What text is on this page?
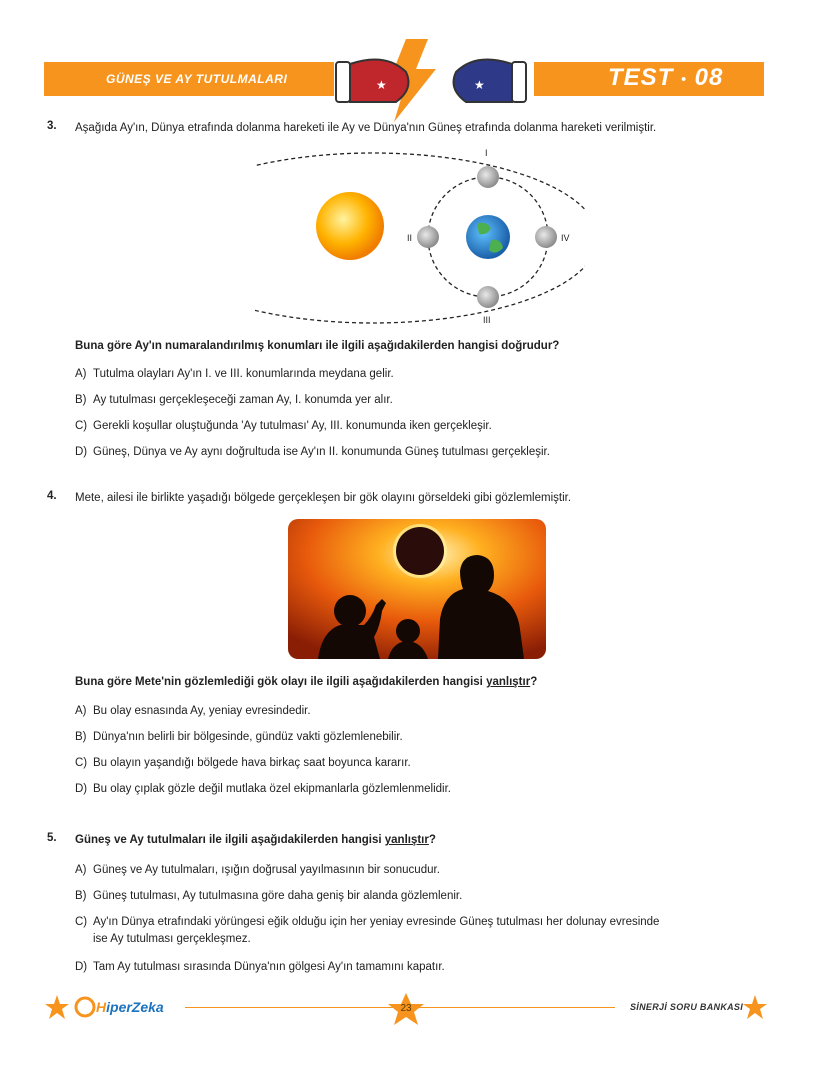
GÜNEŞ VE AY TUTULMALARI	★	★	TEST • 08
3. Aşağıda Ay'ın, Dünya etrafında dolanma hareketi ile Ay ve Dünya'nın Güneş etrafında dolanma hareketi verilmiştir.
I
II
III
IV
Buna göre Ay'ın numaralandırılmış konumları ile ilgili aşağıdakilerden hangisi doğrudur?
A) Tutulma olayları Ay'ın I. ve III. konumlarında meydana gelir.
B) Ay tutulması gerçekleşeceği zaman Ay, I. konumda yer alır.
C) Gerekli koşullar oluştuğunda 'Ay tutulması' Ay, III. konumunda iken gerçekleşir.
D) Güneş, Dünya ve Ay aynı doğrultuda ise Ay'ın II. konumunda Güneş tutulması gerçekleşir.
4. Mete, ailesi ile birlikte yaşadığı bölgede gerçekleşen bir gök olayını görseldeki gibi gözlemlemiştir.
Buna göre Mete'nin gözlemlediği gök olayı ile ilgili aşağıdakilerden hangisi yanlıştır?
A) Bu olay esnasında Ay, yeniay evresindedir.
B) Dünya'nın belirli bir bölgesinde, gündüz vakti gözlemlenebilir.
C) Bu olayın yaşandığı bölgede hava birkaç saat boyunca kararır.
D) Bu olay çıplak gözle değil mutlaka özel ekipmanlarla gözlemlenmelidir.
5. Güneş ve Ay tutulmaları ile ilgili aşağıdakilerden hangisi yanlıştır?
A) Güneş ve Ay tutulmaları, ışığın doğrusal yayılmasının bir sonucudur.
B) Güneş tutulması, Ay tutulmasına göre daha geniş bir alanda gözlemlenir.
C) Ay'ın Dünya etrafındaki yörüngesi eğik olduğu için her yeniay evresinde Güneş tutulması her dolunay evresinde
ise Ay tutulması gerçekleşmez.
D) Tam Ay tutulması sırasında Dünya'nın gölgesi Ay'ın tamamını kapatır.
HiperZeka	23	SİNERJİ SORU BANKASI
